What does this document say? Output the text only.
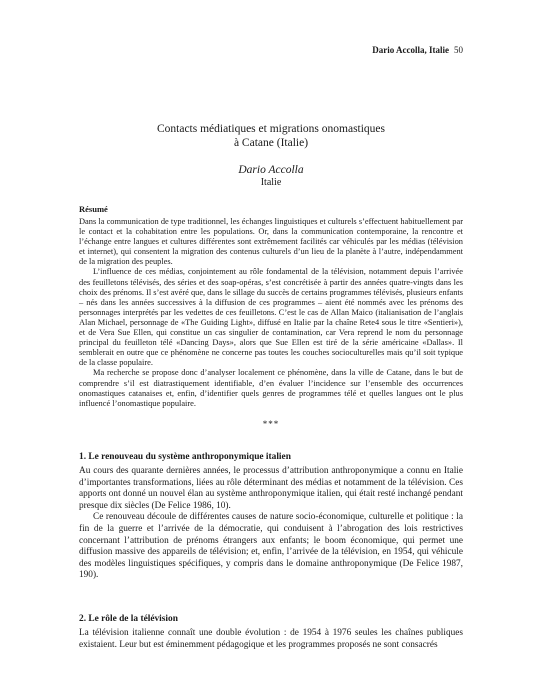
Dario Accolla, Italie 50
Contacts médiatiques et migrations onomastiques
à Catane (Italie)
Dario Accolla
Italie
Résumé

Dans la communication de type traditionnel, les échanges linguistiques et culturels s’effectuent habituellement par le contact et la cohabitation entre les populations. Or, dans la communication contemporaine, la rencontre et l’échange entre langues et cultures différentes sont extrêmement facilités car véhiculés par les médias (télévision et internet), qui consentent la migration des contenus culturels d’un lieu de la planète à l’autre, indépendamment de la migration des peuples.

L’influence de ces médias, conjointement au rôle fondamental de la télévision, notamment depuis l’arrivée des feuilletons télévisés, des séries et des soap-opéras, s’est concrétisée à partir des années quatre-vingts dans les choix des prénoms. Il s’est avéré que, dans le sillage du succès de certains programmes télévisés, plusieurs enfants – nés dans les années successives à la diffusion de ces programmes – aient été nommés avec les prénoms des personnages interprétés par les vedettes de ces feuilletons. C’est le cas de Allan Maico (italianisation de l’anglais Alan Michael, personnage de «The Guiding Light», diffusé en Italie par la chaîne Rete4 sous le titre «Sentieri»), et de Vera Sue Ellen, qui constitue un cas singulier de contamination, car Vera reprend le nom du personnage principal du feuilleton télé «Dancing Days», alors que Sue Ellen est tiré de la série américaine «Dallas». Il semblerait en outre que ce phénomène ne concerne pas toutes les couches socioculturelles mais qu’il soit typique de la classe populaire.

Ma recherche se propose donc d’analyser localement ce phénomène, dans la ville de Catane, dans le but de comprendre s’il est diatrastiquement identifiable, d’en évaluer l’incidence sur l’ensemble des occurrences onomastiques catanaises et, enfin, d’identifier quels genres de programmes télé et quelles langues ont le plus influencé l’onomastique populaire.

***
1. Le renouveau du système anthroponymique italien

Au cours des quarante dernières années, le processus d’attribution anthroponymique a connu en Italie d’importantes transformations, liées au rôle déterminant des médias et notamment de la télévision. Ces apports ont donné un nouvel élan au système anthroponymique italien, qui était resté inchangé pendant presque dix siècles (De Felice 1986, 10).

Ce renouveau découle de différentes causes de nature socio-économique, culturelle et politique : la fin de la guerre et l’arrivée de la démocratie, qui conduisent à l’abrogation des lois restrictives concernant l’attribution de prénoms étrangers aux enfants; le boom économique, qui permet une diffusion massive des appareils de télévision; et, enfin, l’arrivée de la télévision, en 1954, qui véhicule des modèles linguistiques spécifiques, y compris dans le domaine anthroponymique (De Felice 1987, 190).

2. Le rôle de la télévision

La télévision italienne connaît une double évolution : de 1954 à 1976 seules les chaînes publiques existaient. Leur but est éminemment pédagogique et les programmes proposés ne sont consacrés
